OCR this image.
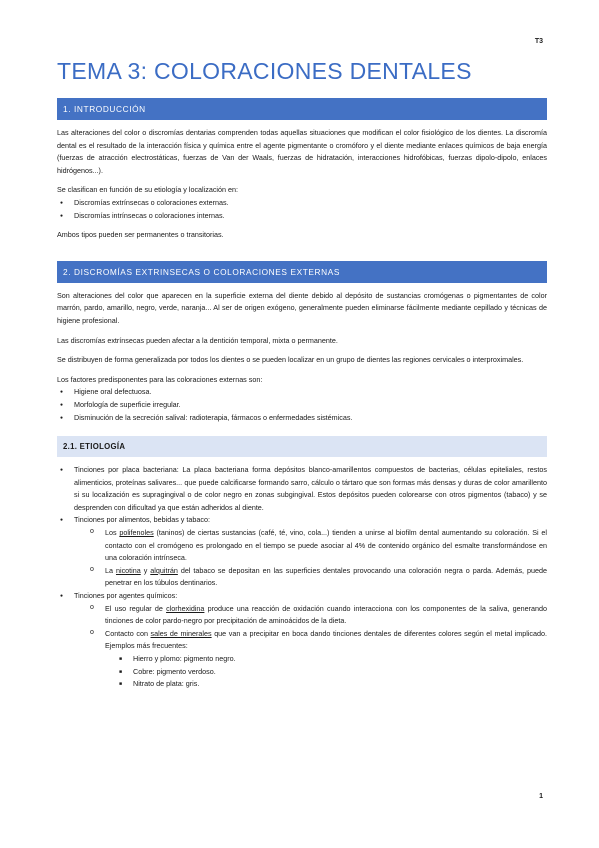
T3
TEMA 3: COLORACIONES DENTALES
1. INTRODUCCIÓN

Las alteraciones del color o discromías dentarias comprenden todas aquellas situaciones que modifican el color fisiológico de los dientes. La discromía dental es el resultado de la interacción física y química entre el agente pigmentante o cromóforo y el diente mediante enlaces químicos de baja energía (fuerzas de atracción electrostáticas, fuerzas de Van der Waals, fuerzas de hidratación, interacciones hidrofóbicas, fuerzas dipolo-dipolo, enlaces hidrógenos...).

Se clasifican en función de su etiología y localización en:

● Discromías extrínsecas o coloraciones externas.
● Discromías intrínsecas o coloraciones internas.

Ambos tipos pueden ser permanentes o transitorias.

2. DISCROMÍAS EXTRINSECAS O COLORACIONES EXTERNAS

Son alteraciones del color que aparecen en la superficie externa del diente debido al depósito de sustancias cromógenas o pigmentantes de color marrón, pardo, amarillo, negro, verde, naranja... Al ser de origen exógeno, generalmente pueden eliminarse fácilmente mediante cepillado y técnicas de higiene profesional.

Las discromías extrínsecas pueden afectar a la dentición temporal, mixta o permanente.

Se distribuyen de forma generalizada por todos los dientes o se pueden localizar en un grupo de dientes las regiones cervicales o interproximales.

Los factores predisponentes para las coloraciones externas son:

● Higiene oral defectuosa.
● Morfología de superficie irregular.
● Disminución de la secreción salival: radioterapia, fármacos o enfermedades sistémicas.
2.1. ETIOLOGÍA
● Tinciones por placa bacteriana: La placa bacteriana forma depósitos blanco-amarillentos compuestos de bacterias, células epiteliales, restos alimenticios, proteínas salivares... que puede calcificarse formando sarro, cálculo o tártaro que son formas más densas y duras de color amarillento si su localización es supragingival o de color negro en zonas subgingival. Estos depósitos pueden colorearse con otros pigmentos (tabaco) y se desprenden con dificultad ya que están adheridos al diente.
● Tinciones por alimentos, bebidas y tabaco:
o Los polifenoles (taninos) de ciertas sustancias (café, té, vino, cola...) tienden a unirse al biofilm dental aumentando su coloración. Si el contacto con el cromógeno es prolongado en el tiempo se puede asociar al 4% de contenido orgánico del esmalte transformándose en una coloración intrínseca.
o La nicotina y alquitrán del tabaco se depositan en las superficies dentales provocando una coloración negra o parda. Además, puede penetrar en los túbulos dentinarios.
● Tinciones por agentes químicos:
o El uso regular de clorhexidina produce una reacción de oxidación cuando interacciona con los componentes de la saliva, generando tinciones de color pardo-negro por precipitación de aminoácidos de la dieta.
o Contacto con sales de minerales que van a precipitar en boca dando tinciones dentales de diferentes colores según el metal implicado. Ejemplos más frecuentes:
■ Hierro y plomo: pigmento negro.
■ Cobre: pigmento verdoso.
■ Nitrato de plata: gris.
1
